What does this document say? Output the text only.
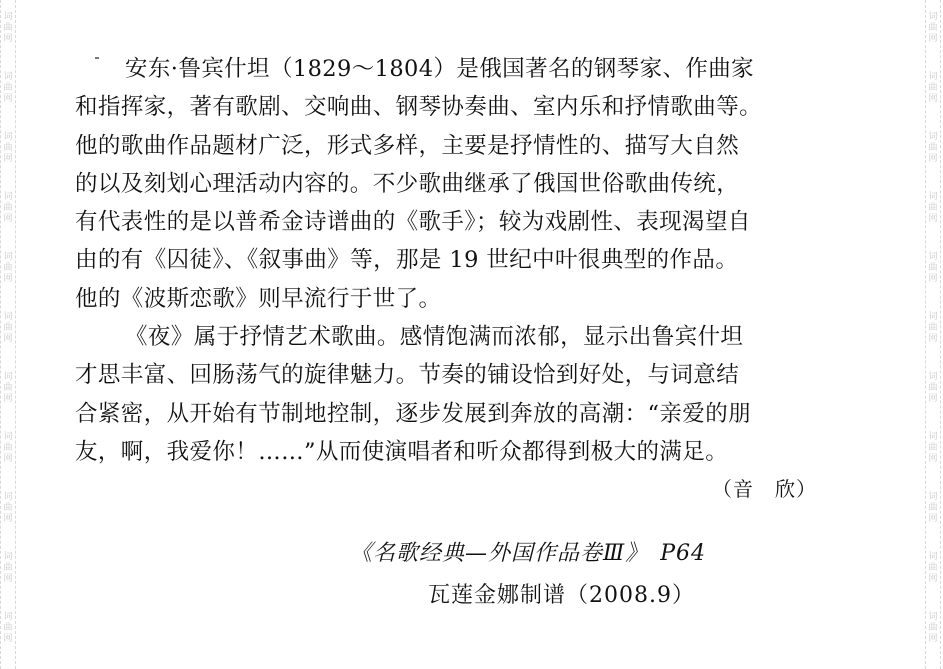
词曲网
词曲网
词曲网
词曲网
词曲网
词曲网
词曲网
词曲网
词曲网
词曲网
词曲网
词曲网
词曲网
词曲网
词曲网
词曲网
词曲网
词曲网
词曲网
词曲网
词曲网
词曲网
安东·鲁宾什坦（1829～1804）是俄国著名的钢琴家、作曲家
和指挥家，著有歌剧、交响曲、钢琴协奏曲、室内乐和抒情歌曲等。
他的歌曲作品题材广泛，形式多样，主要是抒情性的、描写大自然
的以及刻划心理活动内容的。不少歌曲继承了俄国世俗歌曲传统，
有代表性的是以普希金诗谱曲的《歌手》；较为戏剧性、表现渴望自
由的有《囚徒》、《叙事曲》等，那是 19 世纪中叶很典型的作品。
他的《波斯恋歌》则早流行于世了。
《夜》属于抒情艺术歌曲。感情饱满而浓郁，显示出鲁宾什坦
才思丰富、回肠荡气的旋律魅力。节奏的铺设恰到好处，与词意结
合紧密，从开始有节制地控制，逐步发展到奔放的高潮：“亲爱的朋
友，啊，我爱你！……”从而使演唱者和听众都得到极大的满足。
（音　欣）
《名歌经典—外国作品卷Ⅲ》　P64
瓦莲金娜制谱（2008.9）
